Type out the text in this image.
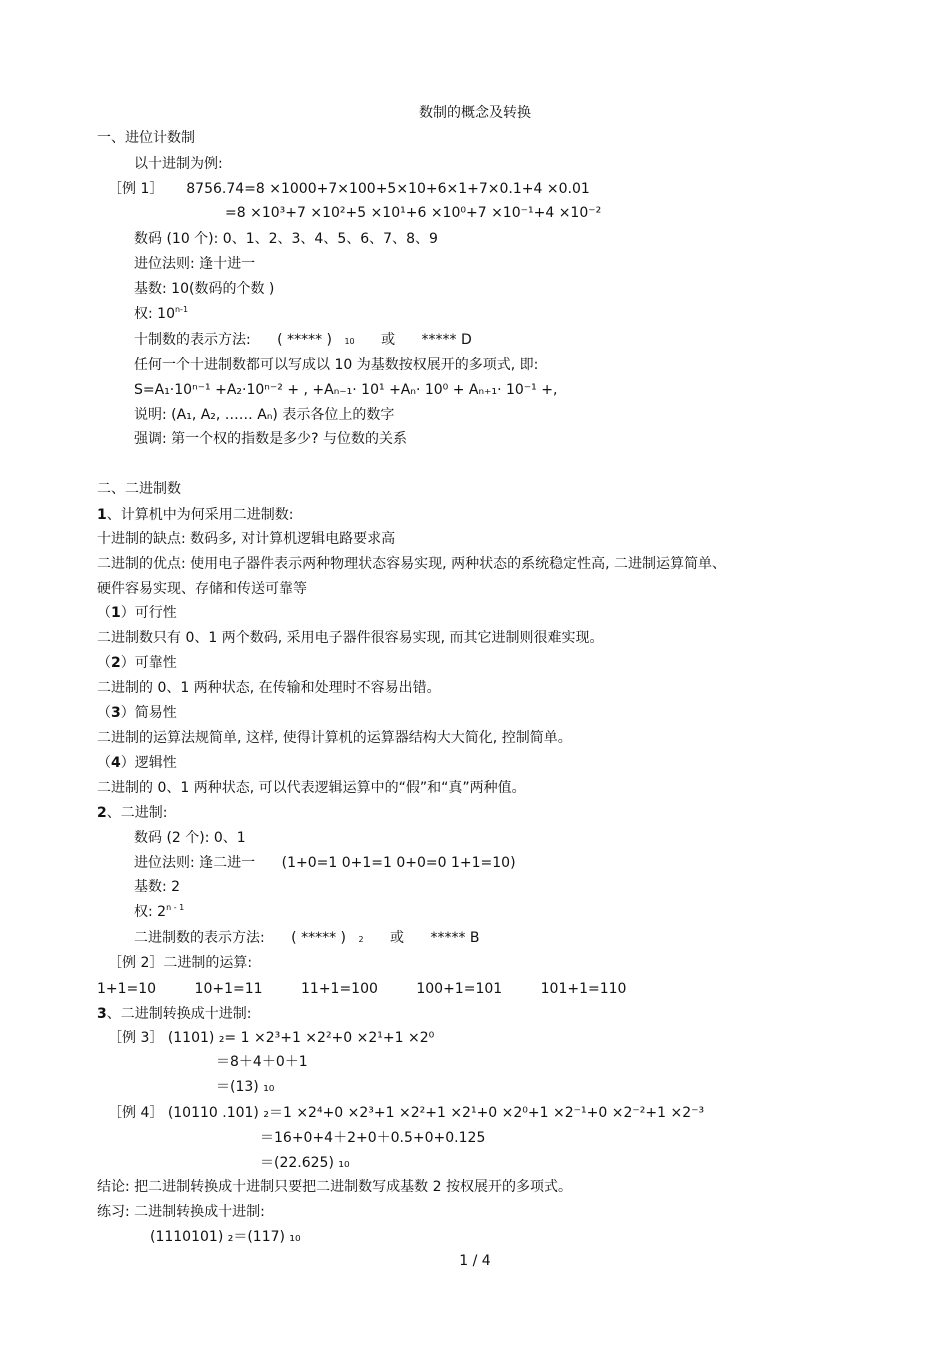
数制的概念及转换
一、进位计数制
以十进制为例:
［例 1］ 8756.74=8 ×1000+7×100+5×10+6×1+7×0.1+4 ×0.01
=8 ×10³+7 ×10²+5 ×10¹+6 ×10⁰+7 ×10⁻¹+4 ×10⁻²
数码 (10 个): 0、1、2、3、4、5、6、7、8、9
进位法则: 逢十进一
基数: 10(数码的个数 )
权: 10$^{n-1}$
十制数的表示方法: ( ***** ) 10 或 ***** D
任何一个十进制数都可以写成以 10 为基数按权展开的多项式, 即:
S=A₁·10ⁿ⁻¹ +A₂·10ⁿ⁻² + , +Aₙ₋₁· 10¹ +Aₙ· 10⁰ + Aₙ₊₁· 10⁻¹ +,
说明: (A₁, A₂, …… Aₙ) 表示各位上的数字
强调: 第一个权的指数是多少? 与位数的关系
二、二进制数
1、计算机中为何采用二进制数:
十进制的缺点: 数码多, 对计算机逻辑电路要求高
二进制的优点: 使用电子器件表示两种物理状态容易实现, 两种状态的系统稳定性高, 二进制运算简单、
硬件容易实现、存储和传送可靠等
（1）可行性
二进制数只有 0、1 两个数码, 采用电子器件很容易实现, 而其它进制则很难实现。
（2）可靠性
二进制的 0、1 两种状态, 在传输和处理时不容易出错。
（3）简易性
二进制的运算法规简单, 这样, 使得计算机的运算器结构大大简化, 控制简单。
（4）逻辑性
二进制的 0、1 两种状态, 可以代表逻辑运算中的“假”和“真”两种值。
2、二进制:
数码 (2 个): 0、1
进位法则: 逢二进一 (1+0=1 0+1=1 0+0=0 1+1=10)
基数: 2
权: 2$^{n - 1}$
二进制数的表示方法: ( ***** ) 2 或 ***** B
［例 2］二进制的运算:
1+1=10	10+1=11	11+1=100	100+1=101	101+1=110
3、二进制转换成十进制:
［例 3］ (1101) ₂= 1 ×2³+1 ×2²+0 ×2¹+1 ×2⁰
＝8＋4＋0＋1
＝(13) ₁₀
［例 4］ (10110 .101) ₂＝1 ×2⁴+0 ×2³+1 ×2²+1 ×2¹+0 ×2⁰+1 ×2⁻¹+0 ×2⁻²+1 ×2⁻³
＝16+0+4＋2+0＋0.5+0+0.125
＝(22.625) ₁₀
结论: 把二进制转换成十进制只要把二进制数写成基数 2 按权展开的多项式。
练习: 二进制转换成十进制:
(1110101) ₂＝(117) ₁₀
1 / 4
